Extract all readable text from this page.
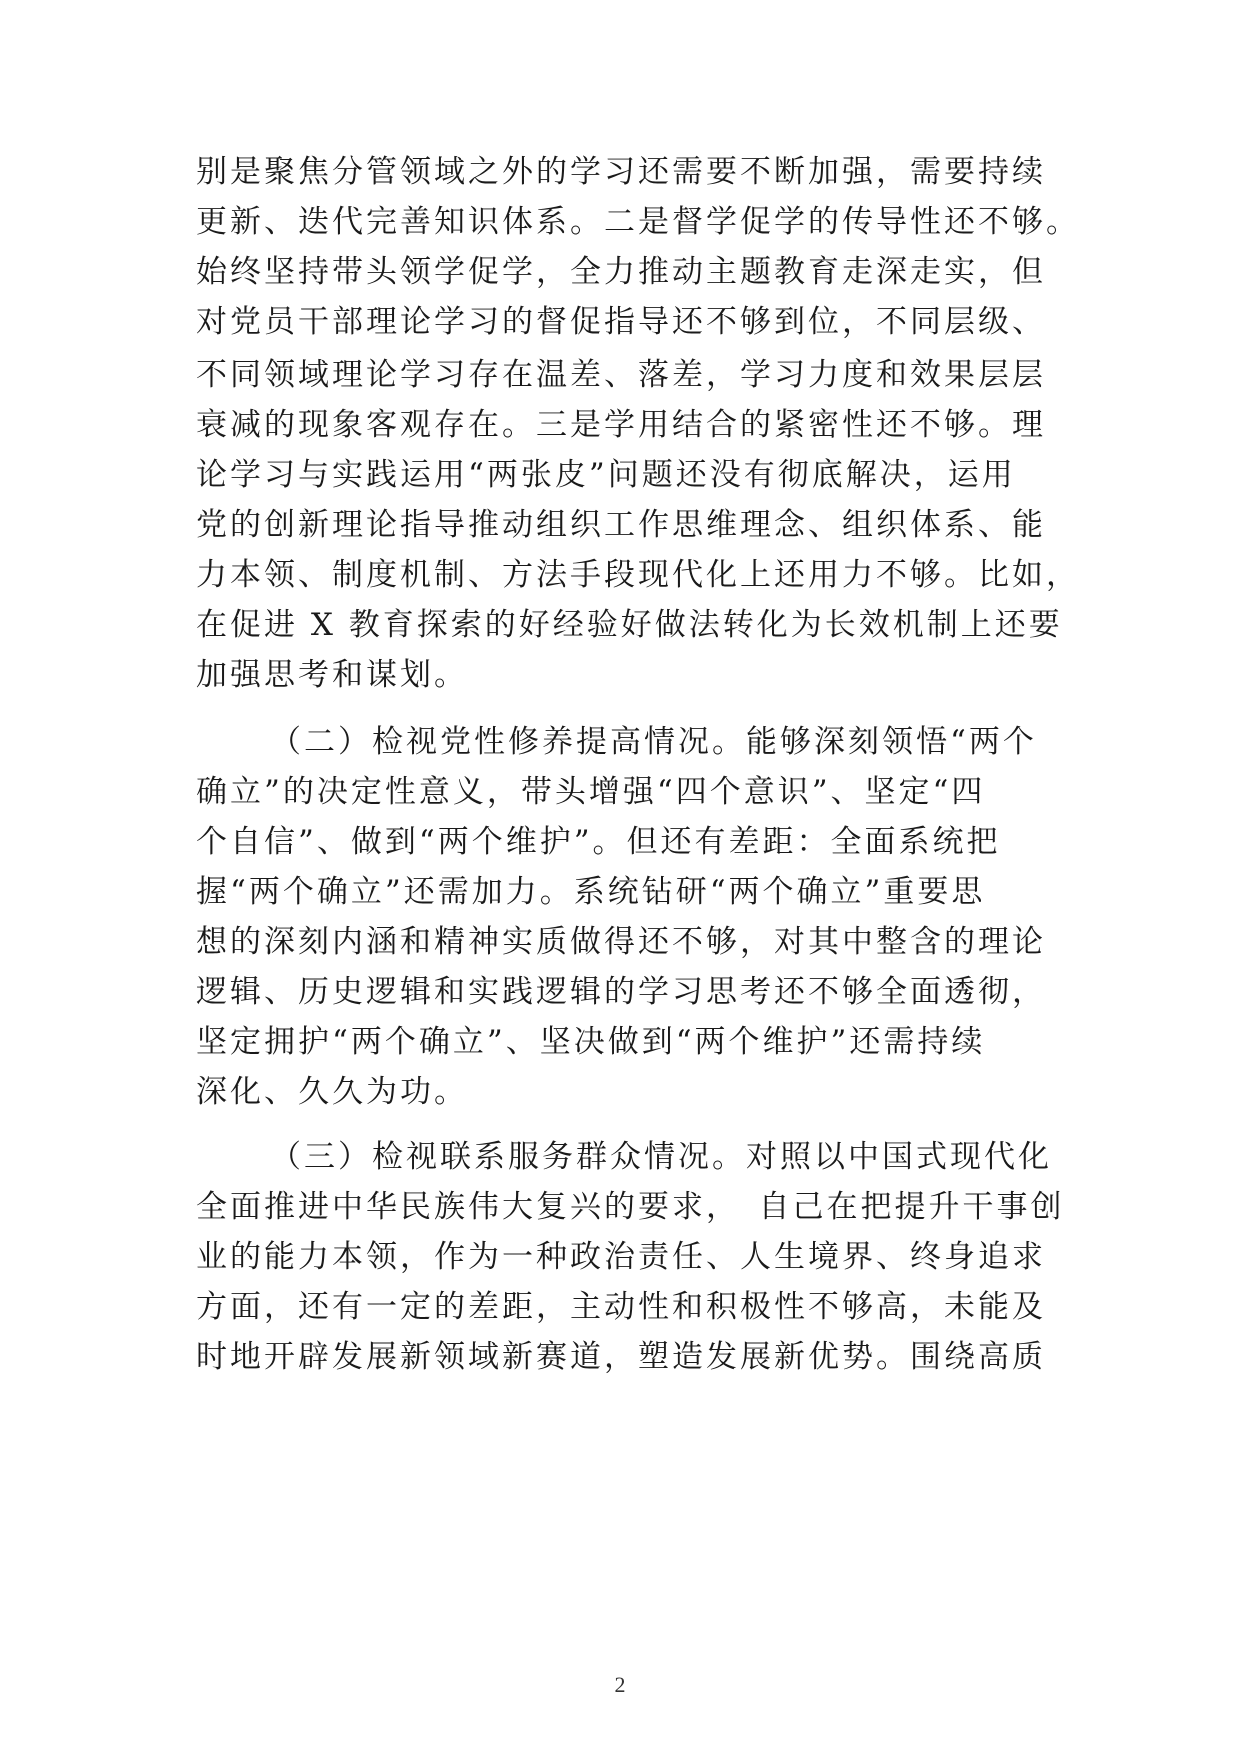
别是聚焦分管领域之外的学习还需要不断加强，需要持续
更新、迭代完善知识体系。二是督学促学的传导性还不够。
始终坚持带头领学促学，全力推动主题教育走深走实，但
对党员干部理论学习的督促指导还不够到位，不同层级、
不同领域理论学习存在温差、落差，学习力度和效果层层
衰减的现象客观存在。三是学用结合的紧密性还不够。理
论学习与实践运用“两张皮”问题还没有彻底解决，运用
党的创新理论指导推动组织工作思维理念、组织体系、能
力本领、制度机制、方法手段现代化上还用力不够。比如，
在促进 X 教育探索的好经验好做法转化为长效机制上还要
加强思考和谋划。
（二）检视党性修养提高情况。能够深刻领悟“两个
确立”的决定性意义，带头增强“四个意识”、坚定“四
个自信”、做到“两个维护”。但还有差距：全面系统把
握“两个确立”还需加力。系统钻研“两个确立”重要思
想的深刻内涵和精神实质做得还不够，对其中整含的理论
逻辑、历史逻辑和实践逻辑的学习思考还不够全面透彻，
坚定拥护“两个确立”、坚决做到“两个维护”还需持续
深化、久久为功。
（三）检视联系服务群众情况。对照以中国式现代化
全面推进中华民族伟大复兴的要求，　自己在把提升干事创
业的能力本领，作为一种政治责任、人生境界、终身追求
方面，还有一定的差距，主动性和积极性不够高，未能及
时地开辟发展新领域新赛道，塑造发展新优势。围绕高质
2
